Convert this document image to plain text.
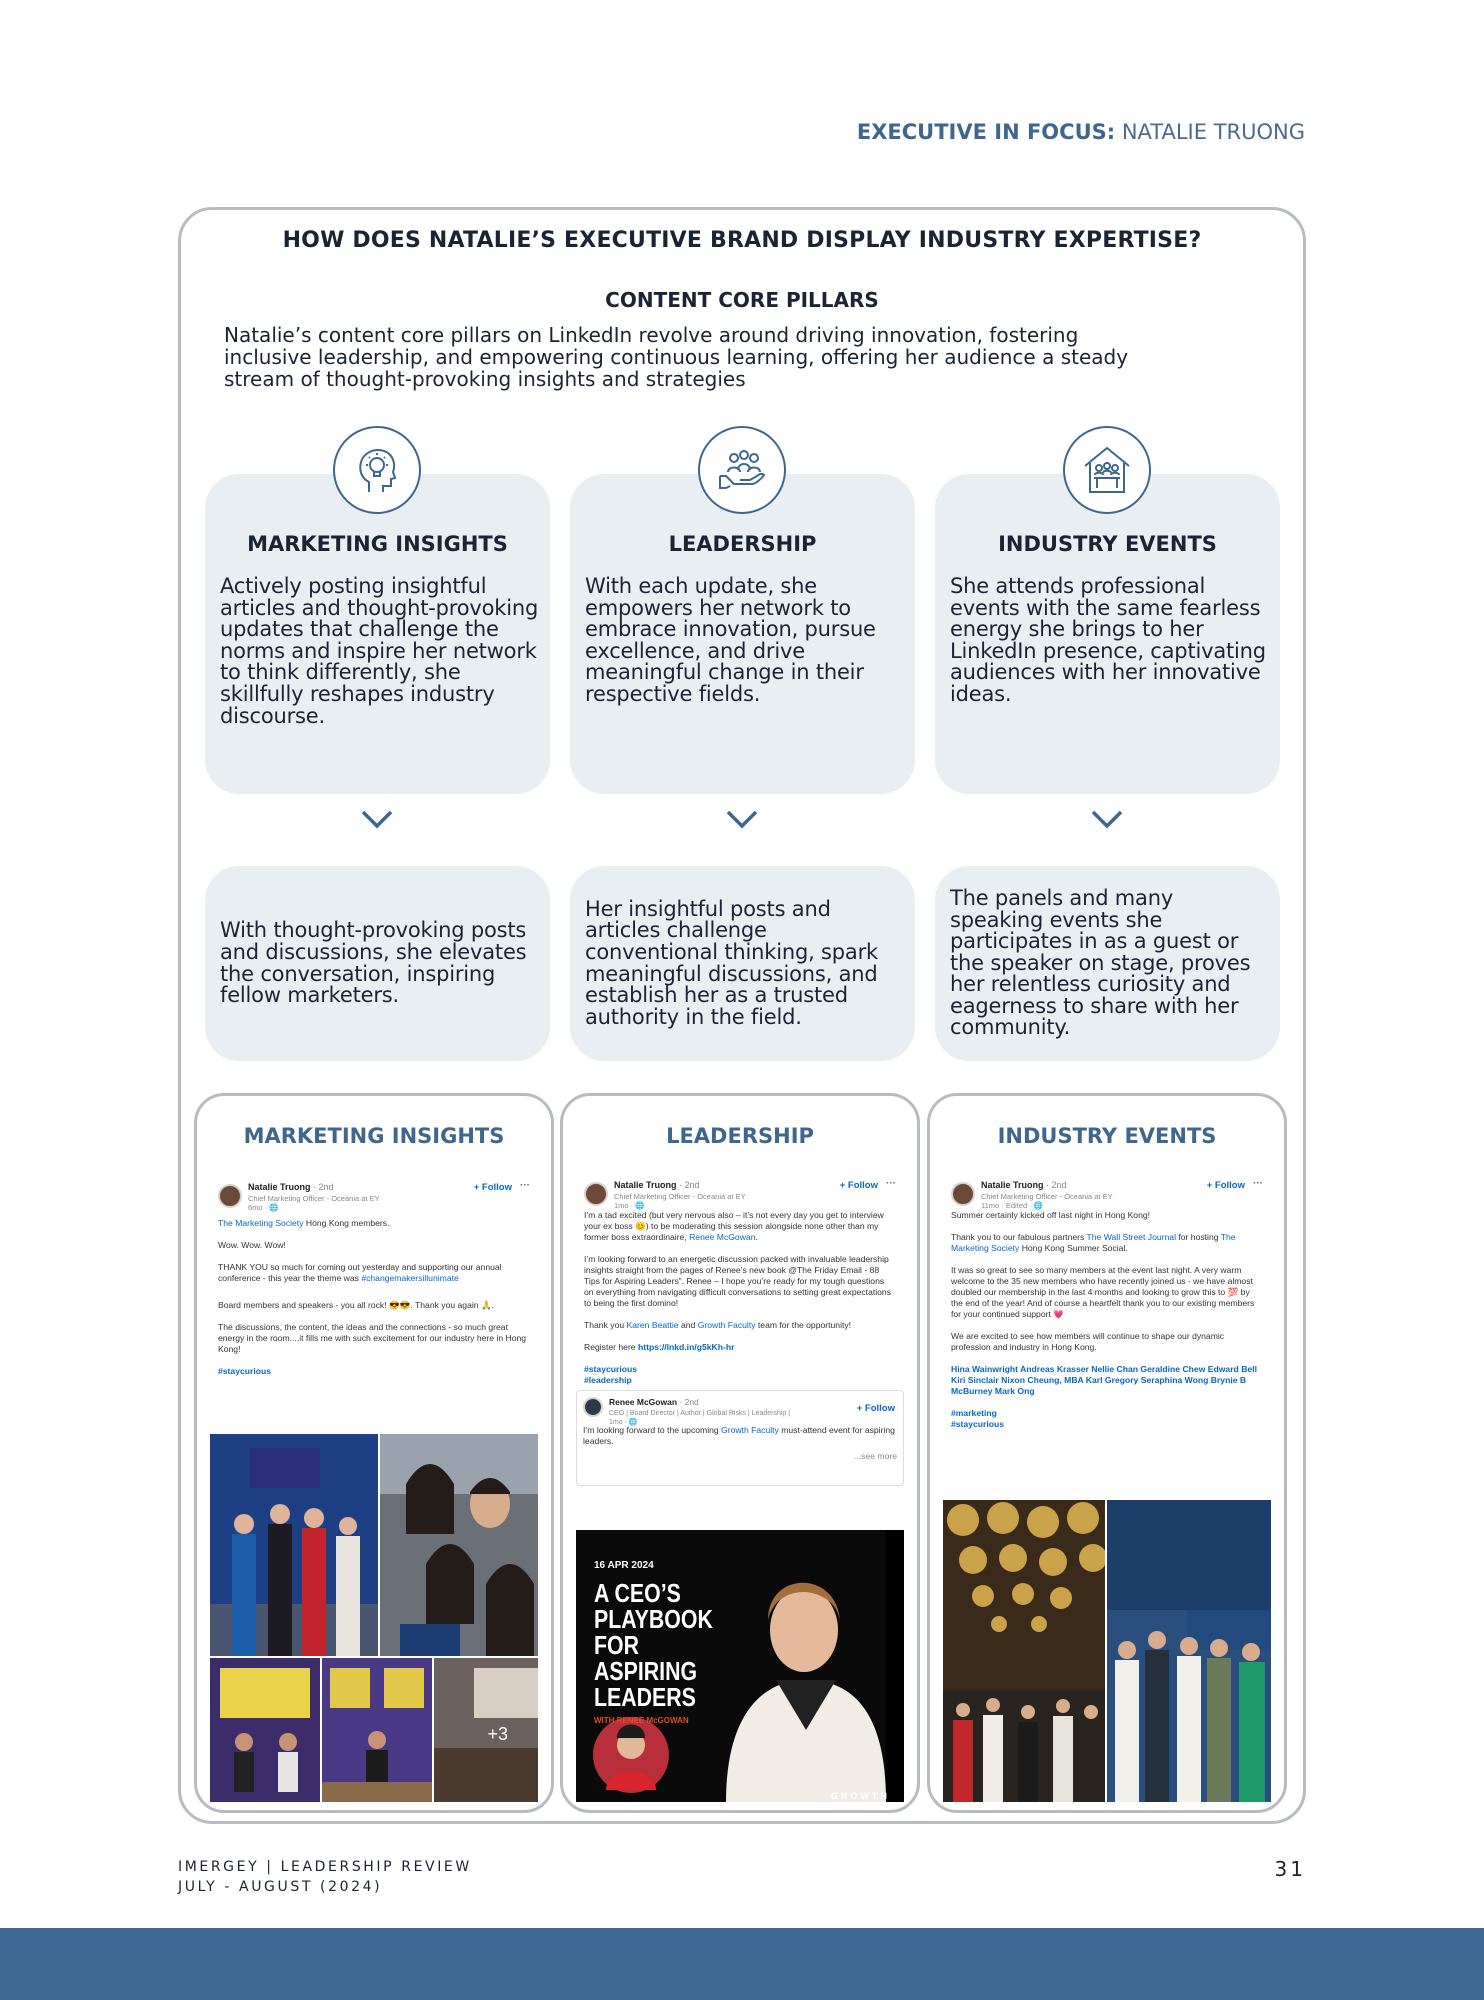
EXECUTIVE IN FOCUS: NATALIE TRUONG
HOW DOES NATALIE’S EXECUTIVE BRAND DISPLAY INDUSTRY EXPERTISE?
CONTENT CORE PILLARS
Natalie’s content core pillars on LinkedIn revolve around driving innovation, fostering inclusive leadership, and empowering continuous learning, offering her audience a steady stream of thought-provoking insights and strategies
MARKETING INSIGHTS
Actively posting insightful articles and thought-provoking updates that challenge the norms and inspire her network to think differently, she skillfully reshapes industry discourse.
LEADERSHIP
With each update, she empowers her network to embrace innovation, pursue excellence, and drive meaningful change in their respective fields.
INDUSTRY EVENTS
She attends professional events with the same fearless energy she brings to her LinkedIn presence, captivating audiences with her innovative ideas.
With thought-provoking posts and discussions, she elevates the conversation, inspiring fellow marketers.
Her insightful posts and articles challenge conventional thinking, spark meaningful discussions, and establish her as a trusted authority in the field.
The panels and many speaking events she participates in as a guest or the speaker on stage, proves her relentless curiosity and eagerness to share with her community.
MARKETING INSIGHTS
Natalie Truong · 2nd
Chief Marketing Officer - Oceania at EY
6mo · 🌐
+ Follow ···

The Marketing Society Hong Kong members.

Wow. Wow. Wow!

THANK YOU so much for coming out yesterday and supporting our annual conference - this year the theme was #changemakersillunimate

Board members and speakers - you all rock! 😎😎. Thank you again 🙏.

The discussions, the content, the ideas and the connections - so much great energy in the room....it fills me with such excitement for our industry here in Hong Kong!

#staycurious

+3
LEADERSHIP
Natalie Truong · 2nd
Chief Marketing Officer - Oceania at EY
1mo · 🌐
+ Follow ···

I’m a tad excited (but very nervous also – it’s not every day you get to interview your ex boss 😊) to be moderating this session alongside none other than my former boss extraordinaire, Renee McGowan.

I’m looking forward to an energetic discussion packed with invaluable leadership insights straight from the pages of Renee’s new book @The Friday Email - 88 Tips for Aspiring Leaders”. Renee – I hope you’re ready for my tough questions on everything from navigating difficult conversations to setting great expectations to being the first domino!

Thank you Karen Beattie and Growth Faculty team for the opportunity!

Register here https://lnkd.in/g5kKh-hr

#staycurious
#leadership

Renee McGowan · 2nd
CEO | Board Director | Author | Global Risks | Leadership |
1mo · 🌐
+ Follow

I’m looking forward to the upcoming Growth Faculty must-attend event for aspiring leaders.

...see more
16 APR 2024
A CEO’S
PLAYBOOK
FOR
ASPIRING
LEADERS
WITH RENEE McGOWAN
GROWTH
INDUSTRY EVENTS
Natalie Truong · 2nd
Chief Marketing Officer - Oceania at EY
11mo · Edited · 🌐
+ Follow ···

Summer certainly kicked off last night in Hong Kong!

Thank you to our fabulous partners The Wall Street Journal for hosting The Marketing Society Hong Kong Summer Social.

It was so great to see so many members at the event last night. A very warm welcome to the 35 new members who have recently joined us - we have almost doubled our membership in the last 4 months and looking to grow this to 💯 by the end of the year! And of course a heartfelt thank you to our existing members for your continued support 💗

We are excited to see how members will continue to shape our dynamic profession and industry in Hong Kong.

Hina Wainwright Andreas Krasser Nellie Chan Geraldine Chew Edward Bell Kiri Sinclair Nixon Cheung, MBA Karl Gregory Seraphina Wong Brynie B McBurney Mark Ong

#marketing
#staycurious

IMERGEY | LEADERSHIP REVIEW
JULY - AUGUST (2024)
31
